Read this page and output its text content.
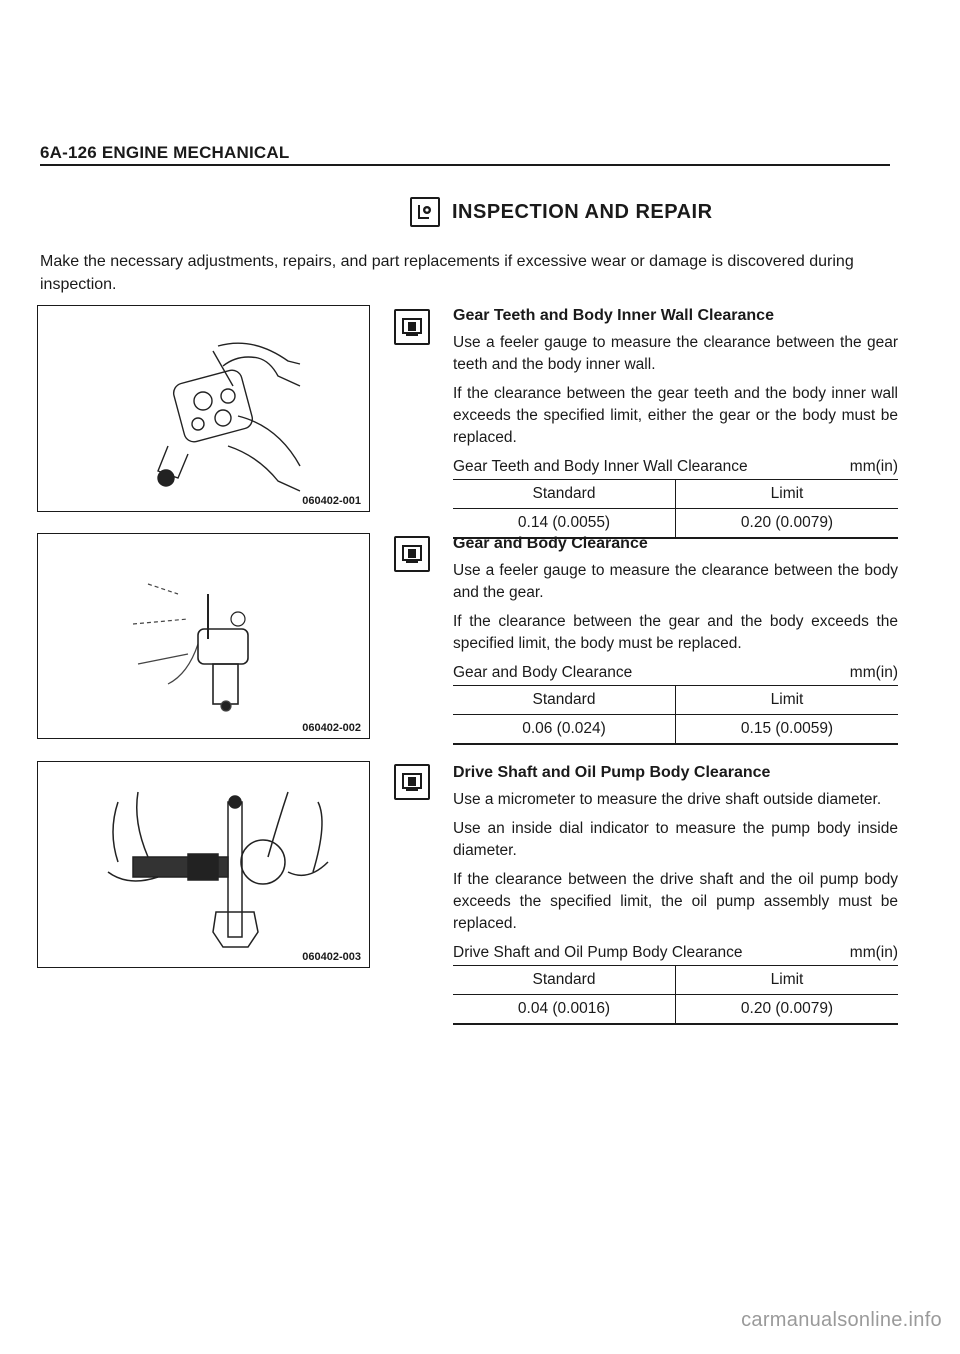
6A-126 ENGINE MECHANICAL
INSPECTION AND REPAIR
Make the necessary adjustments, repairs, and part replacements if excessive wear or damage is discovered during inspection.
060402-001
060402-002
060402-003
Gear Teeth and Body Inner Wall Clearance

Use a feeler gauge to measure the clearance between the gear teeth and the body inner wall.

If the clearance between the gear teeth and the body inner wall exceeds the specified limit, either the gear or the body must be replaced.

Gear Teeth and Body Inner Wall Clearance	mm(in)
Standard	Limit
0.14 (0.0055)	0.20 (0.0079)
Gear and Body Clearance

Use a feeler gauge to measure the clearance between the body and the gear.

If the clearance between the gear and the body exceeds the specified limit, the body must be replaced.

Gear and Body Clearance	mm(in)
Standard	Limit
0.06 (0.024)	0.15 (0.0059)
Drive Shaft and Oil Pump Body Clearance

Use a micrometer to measure the drive shaft outside diameter.

Use an inside dial indicator to measure the pump body inside diameter.

If the clearance between the drive shaft and the oil pump body exceeds the specified limit, the oil pump assembly must be replaced.

Drive Shaft and Oil Pump Body Clearance	mm(in)
Standard	Limit
0.04 (0.0016)	0.20 (0.0079)
carmanualsonline.info
